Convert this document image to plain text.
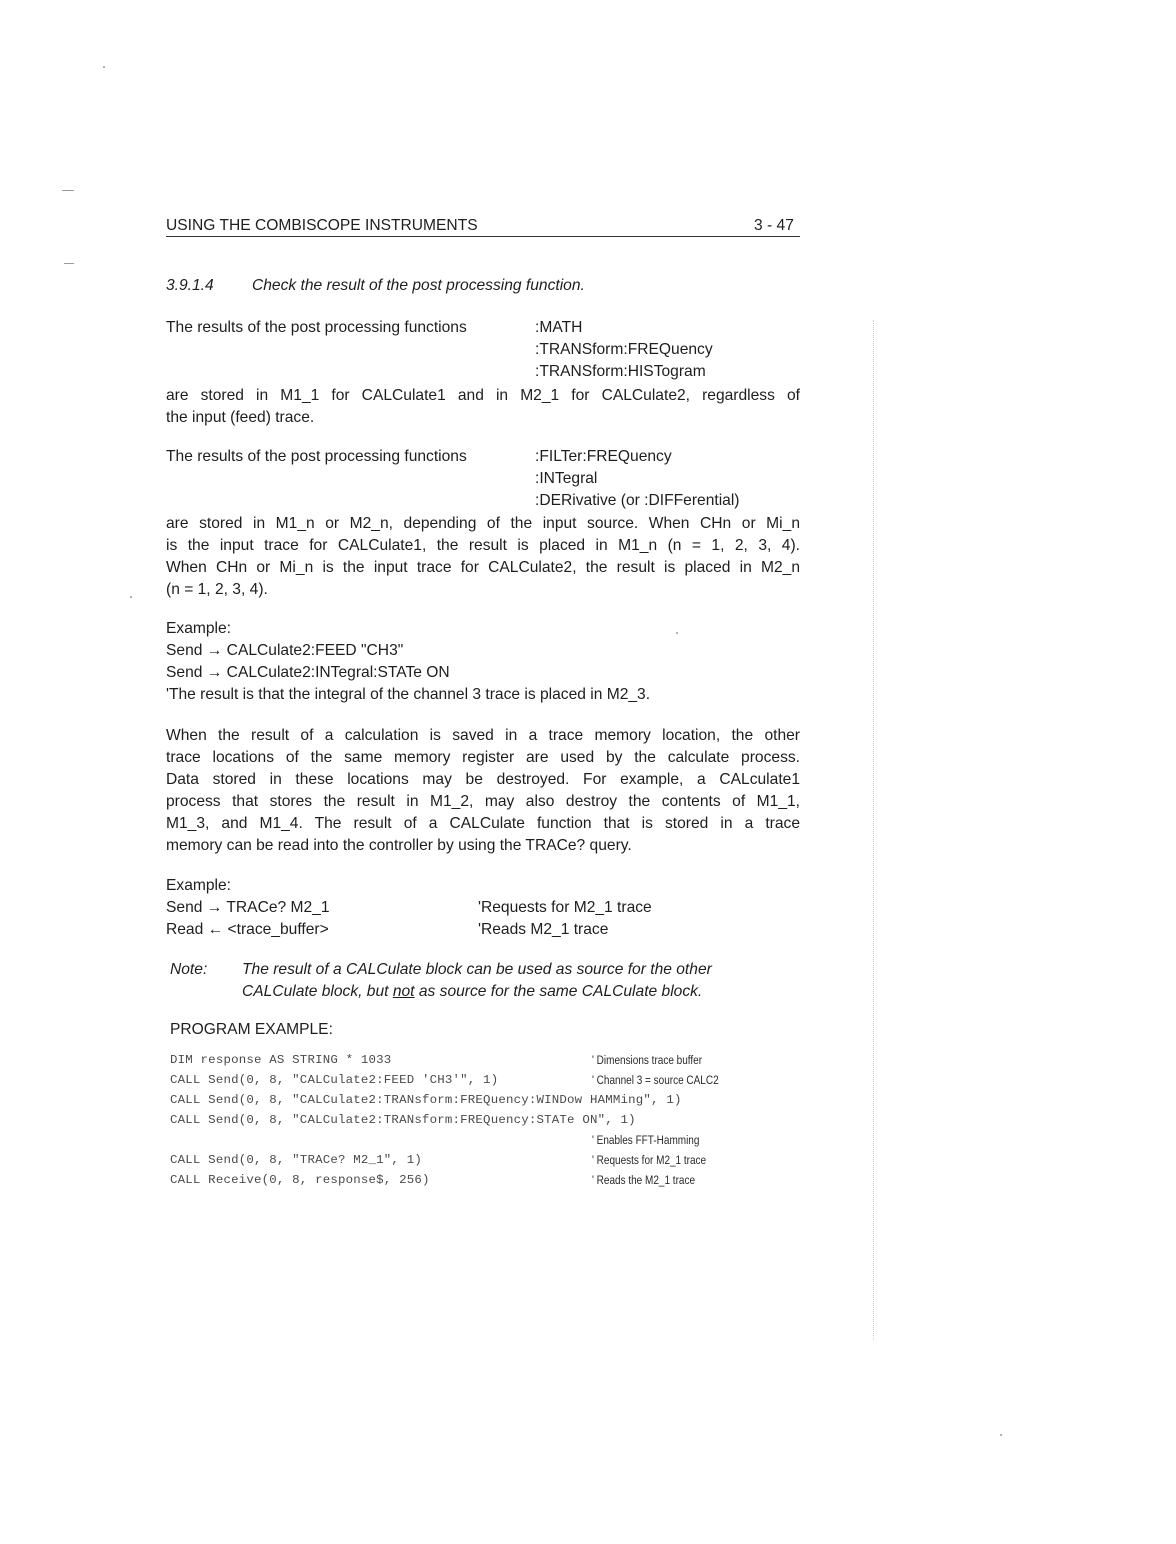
USING THE COMBISCOPE INSTRUMENTS	3 - 47
3.9.1.4 Check the result of the post processing function.
The results of the post processing functions	:MATH
:TRANSform:FREQuency
:TRANSform:HISTogram
are stored in M1_1 for CALCulate1 and in M2_1 for CALCulate2, regardless of
the input (feed) trace.
The results of the post processing functions	:FILTer:FREQuency
:INTegral
:DERivative (or :DIFFerential)
are stored in M1_n or M2_n, depending of the input source. When CHn or Mi_n
is the input trace for CALCulate1, the result is placed in M1_n (n = 1, 2, 3, 4).
When CHn or Mi_n is the input trace for CALCulate2, the result is placed in M2_n
(n = 1, 2, 3, 4).
Example:
Send → CALCulate2:FEED "CH3"
Send → CALCulate2:INTegral:STATe ON
'The result is that the integral of the channel 3 trace is placed in M2_3.
When the result of a calculation is saved in a trace memory location, the other
trace locations of the same memory register are used by the calculate process.
Data stored in these locations may be destroyed. For example, a CALculate1
process that stores the result in M1_2, may also destroy the contents of M1_1,
M1_3, and M1_4. The result of a CALCulate function that is stored in a trace
memory can be read into the controller by using the TRACe? query.
Example:
Send → TRACe? M2_1	'Requests for M2_1 trace
Read ← <trace_buffer>	'Reads M2_1 trace
Note: The result of a CALCulate block can be used as source for the other
CALCulate block, but not as source for the same CALCulate block.
PROGRAM EXAMPLE:
DIM response AS STRING * 1033	' Dimensions trace buffer
CALL Send(0, 8, "CALCulate2:FEED 'CH3'", 1)	' Channel 3 = source CALC2
CALL Send(0, 8, "CALCulate2:TRANsform:FREQuency:WINDow HAMMing", 1)
CALL Send(0, 8, "CALCulate2:TRANsform:FREQuency:STATe ON", 1)
' Enables FFT-Hamming
CALL Send(0, 8, "TRACe? M2_1", 1)	' Requests for M2_1 trace
CALL Receive(0, 8, response$, 256)	' Reads the M2_1 trace
